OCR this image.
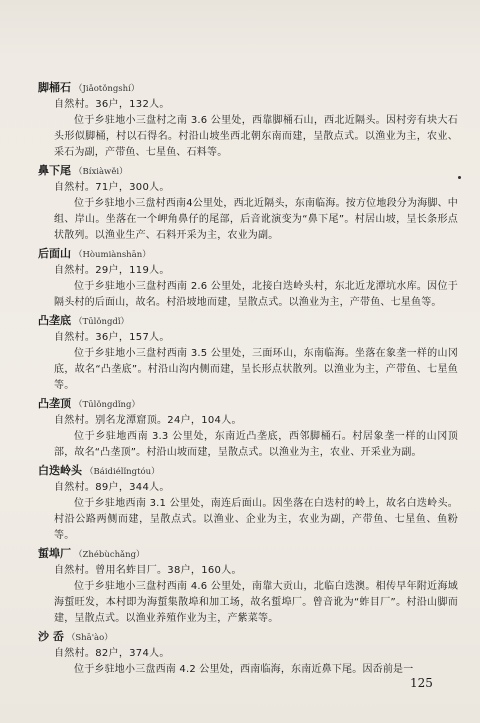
脚桶石 （Jiǎotǒngshí）

自然村。36户，132人。

位于乡驻地小三盘村之南 3.6 公里处，西靠脚桶石山，西北近隔头。因村旁有块大石头形似脚桶，村以石得名。村沿山坡坐西北朝东南而建，呈散点式。以渔业为主，农业、采石为副，产带鱼、七星鱼、石料等。

鼻下尾 （Bíxiàwěi）

自然村。71户，300人。

位于乡驻地小三盘村西南4公里处，西北近隔头，东南临海。按方位地段分为海脚、中组、岸山。坐落在一个岬角鼻仔的尾部，后音讹演变为“鼻下尾”。村居山坡，呈长条形点状散列。以渔业生产、石料开采为主，农业为副。

后面山 （Hòumiànshān）

自然村。29户，119人。

位于乡驻地小三盘村西南 2.6 公里处，北接白迭岭头村，东北近龙潭坑水库。因位于隔头村的后面山，故名。村沿坡地而建，呈散点式。以渔业为主，产带鱼、七星鱼等。

凸垄底 （Tūlǒngdǐ）

自然村。36户，157人。

位于乡驻地小三盘村西南 3.5 公里处，三面环山，东南临海。坐落在象垄一样的山冈底，故名“凸垄底”。村沿山沟内侧而建，呈长形点状散列。以渔业为主，产带鱼、七星鱼等。

凸垄顶 （Tūlǒngdǐng）

自然村。别名龙潭窟顶。24户，104人。

位于乡驻地西南 3.3 公里处，东南近凸垄底，西邻脚桶石。村居象垄一样的山冈顶部，故名“凸垄顶”。村沿山坡而建，呈散点式。以渔业为主，农业、开采业为副。

白迭岭头 （Báidiélǐngtóu）

自然村。89户，344人。

位于乡驻地西南 3.1 公里处，南连后面山。因坐落在白迭村的岭上，故名白迭岭头。村沿公路两侧而建，呈散点式。以渔业、企业为主，农业为副，产带鱼、七星鱼、鱼粉等。

蜇埠厂 （Zhébùchǎng）

自然村。曾用名蚱目厂。38户，160人。

位于乡驻地小三盘村西南 4.6 公里处，南靠大贡山，北临白迭澳。相传早年附近海域海蜇旺发，本村即为海蜇集散埠和加工场，故名蜇埠厂。曾音讹为“蚱目厂”。村沿山脚而建，呈散点式。以渔业养殖作业为主，产紫菜等。

沙 岙 （Shā'ào）

自然村。82户，374人。

位于乡驻地小三盘西南 4.2 公里处，西南临海，东南近鼻下尾。因岙前是一

125
